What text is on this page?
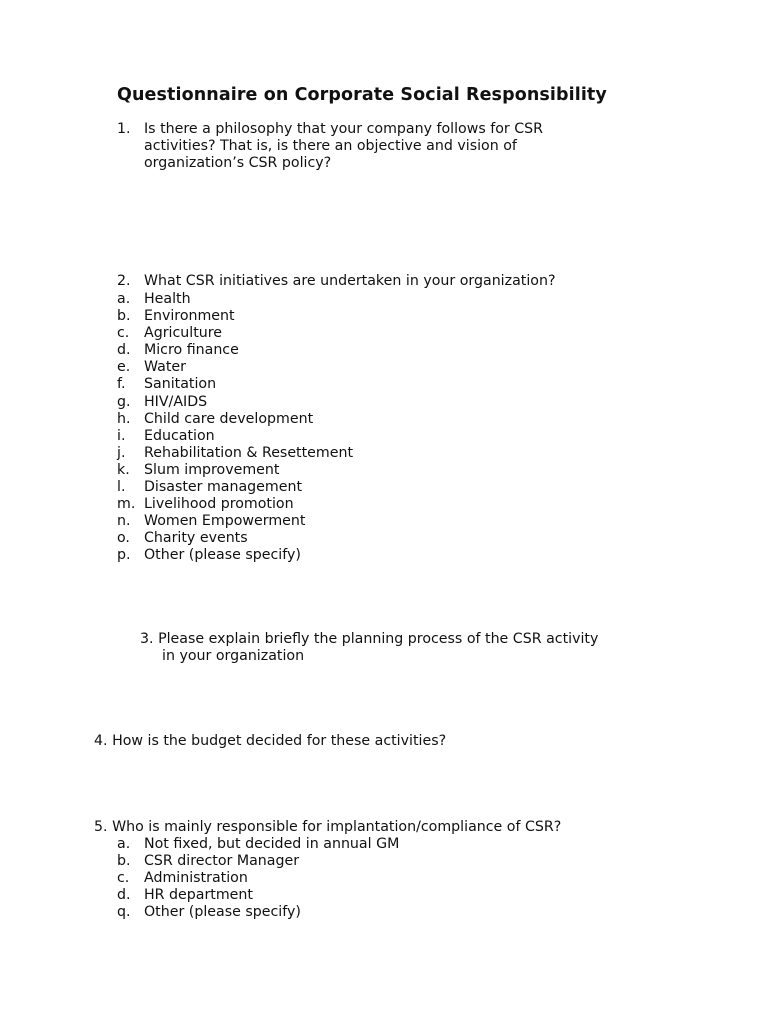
Questionnaire on Corporate Social Responsibility
1. Is there a philosophy that your company follows for CSR
activities? That is, is there an objective and vision of
organization’s CSR policy?
2. What CSR initiatives are undertaken in your organization?
a. Health
b. Environment
c. Agriculture
d. Micro finance
e. Water
f. Sanitation
g. HIV/AIDS
h. Child care development
i. Education
j. Rehabilitation & Resettement
k. Slum improvement
l. Disaster management
m. Livelihood promotion
n. Women Empowerment
o. Charity events
p. Other (please specify)
3. Please explain briefly the planning process of the CSR activity
in your organization
4. How is the budget decided for these activities?
5. Who is mainly responsible for implantation/compliance of CSR?
a. Not fixed, but decided in annual GM
b. CSR director Manager
c. Administration
d. HR department
q. Other (please specify)
